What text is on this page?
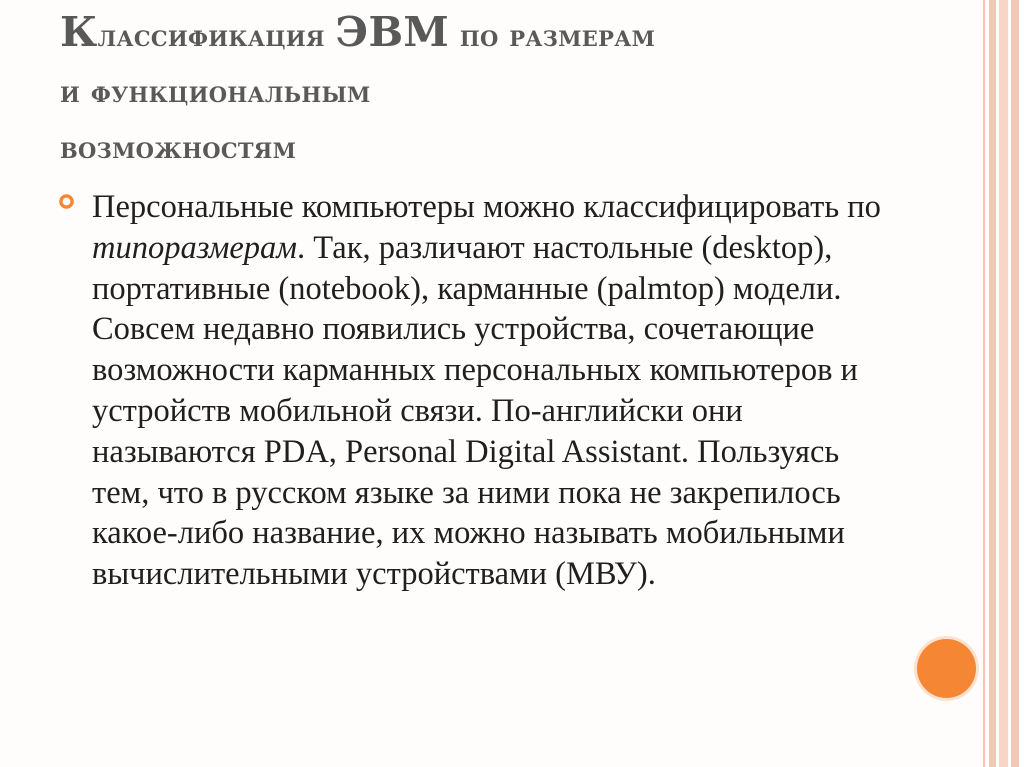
Классификация ЭВМ по размерам
и функциональным
возможностям

Персональные компьютеры можно классифицировать по типоразмерам. Так, различают настольные (desktop), портативные (notebook), карманные (palmtop) модели. Совсем недавно появились устройства, сочетающие возможности карманных персональных компьютеров и устройств мобильной связи. По-английски они называются PDA, Personal Digital Assistant. Пользуясь тем, что в русском языке за ними пока не закрепилось какое-либо название, их можно называть мобильными вычислительными устройствами (МВУ).
